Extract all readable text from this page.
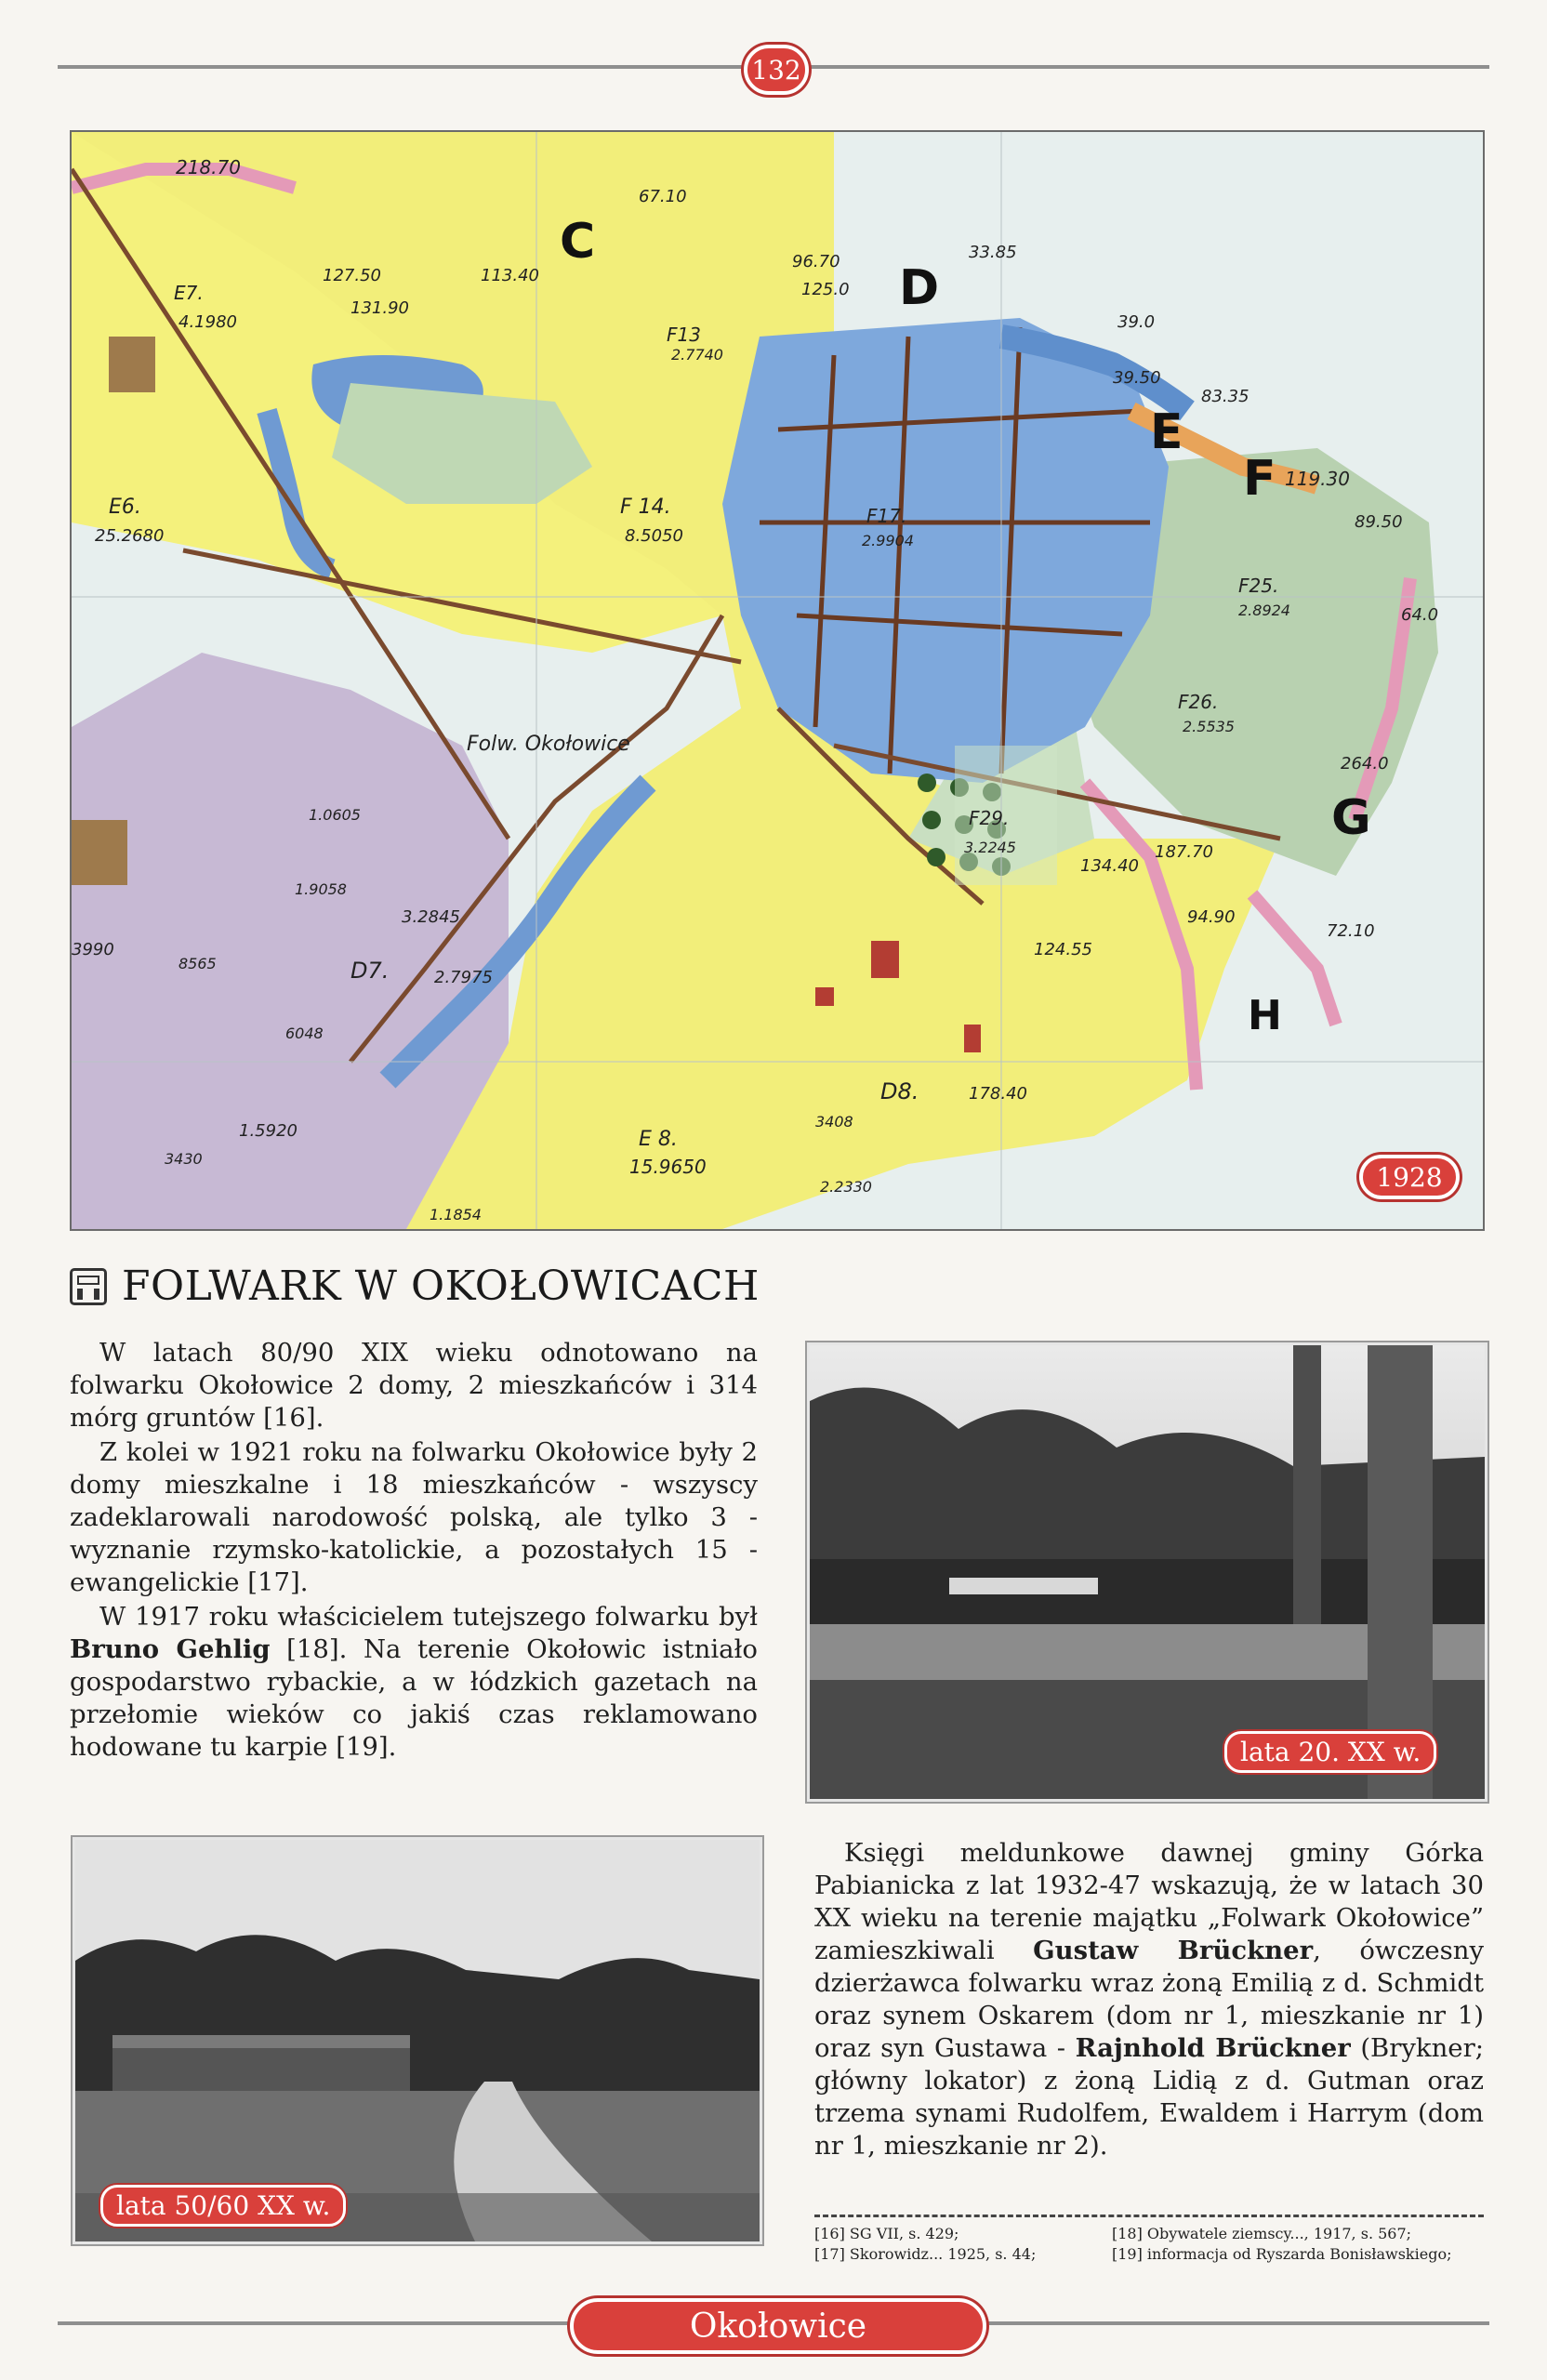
132
218.70
E7.
4.1980
127.50
131.90
113.40
C
67.10
F13
2.7740
96.70
125.0 D
33.85
39.0
39.50
83.35
E
F 119.30
89.50
E6.
25.2680
F 14.
8.5050
F17.
2.9904
64.0
F25.
2.8924
F26.
2.5535
264.0
G
Folw. Okołowice
F29.
3.2245
134.40
187.70
94.90
72.10
124.55
H
1.0605
1.9058
3.2845
D7.	2.7975
3990
8565
6048
1.5920
3430
E 8.
15.9650
D8.	178.40
3408
2.2330
1.1854
1928
FOLWARK W OKOŁOWICACH

W latach 80/90 XIX wieku odnotowano na folwarku Okołowice 2 domy, 2 mieszkańców i 314 mórg gruntów [16].

Z kolei w 1921 roku na folwarku Okołowice były 2 domy mieszkalne i 18 mieszkańców - wszyscy zadeklarowali narodowość polską, ale tylko 3 - wyznanie rzymsko-katolickie, a pozostałych 15 - ewangelickie [17].

W 1917 roku właścicielem tutejszego folwarku był Bruno Gehlig [18]. Na terenie Okołowic istniało gospodarstwo rybackie, a w łódzkich gazetach na przełomie wieków co jakiś czas reklamowano hodowane tu karpie [19].	lata 20. XX w.
lata 50/60 XX w.

Księgi meldunkowe dawnej gminy Górka Pabianicka z lat 1932-47 wskazują, że w latach 30 XX wieku na terenie majątku „Folwark Okołowice” zamieszkiwali Gustaw Brückner, ówczesny dzierżawca folwarku wraz żoną Emilią z d. Schmidt oraz synem Oskarem (dom nr 1, mieszkanie nr 1) oraz syn Gustawa - Rajnhold Brückner (Brykner; główny lokator) z żoną Lidią z d. Gutman oraz trzema synami Rudolfem, Ewaldem i Harrym (dom nr 1, mieszkanie nr 2).

[16] SG VII, s. 429;
[17] Skorowidz... 1925, s. 44;
[18] Obywatele ziemscy..., 1917, s. 567;
[19] informacja od Ryszarda Bonisławskiego;
Okołowice
